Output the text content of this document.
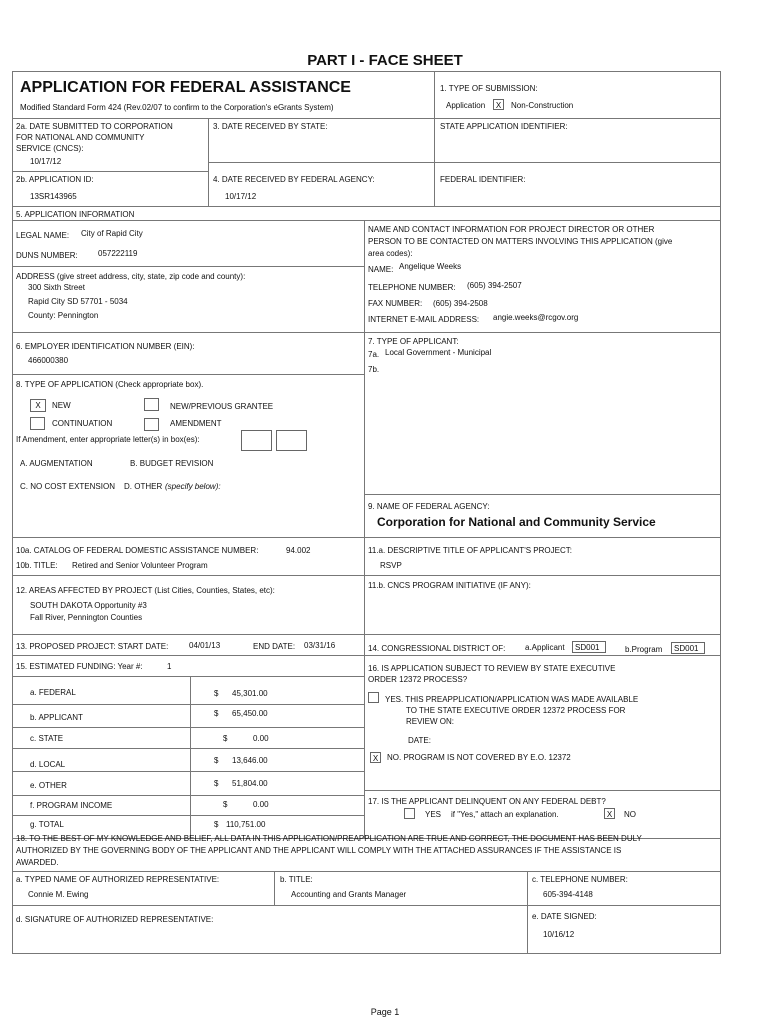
PART I - FACE SHEET
APPLICATION FOR FEDERAL ASSISTANCE
Modified Standard Form 424 (Rev.02/07 to confirm to the Corporation's eGrants System)
1. TYPE OF SUBMISSION:
Application	X	Non-Construction
2a. DATE SUBMITTED TO CORPORATION
FOR NATIONAL AND COMMUNITY
SERVICE (CNCS):
10/17/12
3. DATE RECEIVED BY STATE:	STATE APPLICATION IDENTIFIER:
2b. APPLICATION ID:
13SR143965
4. DATE RECEIVED BY FEDERAL AGENCY:
10/17/12
FEDERAL IDENTIFIER:
5. APPLICATION INFORMATION
LEGAL NAME: City of Rapid City
DUNS NUMBER:	057222119
ADDRESS (give street address, city, state, zip code and county):
300 Sixth Street
Rapid City SD 57701 - 5034
County: Pennington
NAME AND CONTACT INFORMATION FOR PROJECT DIRECTOR OR OTHER
PERSON TO BE CONTACTED ON MATTERS INVOLVING THIS APPLICATION (give
area codes):
NAME: Angelique Weeks
TELEPHONE NUMBER: (605) 394-2507
FAX NUMBER: (605) 394-2508
INTERNET E-MAIL ADDRESS: angie.weeks@rcgov.org
6. EMPLOYER IDENTIFICATION NUMBER (EIN):
466000380
7. TYPE OF APPLICANT:
7a. Local Government - Municipal
7b.
8. TYPE OF APPLICATION (Check appropriate box).
X	NEW	NEW/PREVIOUS GRANTEE
CONTINUATION	AMENDMENT
If Amendment, enter appropriate letter(s) in box(es):
A. AUGMENTATION	B. BUDGET REVISION
C. NO COST EXTENSION D. OTHER (specify below):
9. NAME OF FEDERAL AGENCY:
Corporation for National and Community Service
10a. CATALOG OF FEDERAL DOMESTIC ASSISTANCE NUMBER:	94.002
10b. TITLE: Retired and Senior Volunteer Program
11.a. DESCRIPTIVE TITLE OF APPLICANT'S PROJECT:
RSVP
11.b. CNCS PROGRAM INITIATIVE (IF ANY):
12. AREAS AFFECTED BY PROJECT (List Cities, Counties, States, etc):
SOUTH DAKOTA Opportunity #3
Fall River, Pennington Counties
13. PROPOSED PROJECT: START DATE:	04/01/13	END DATE: 03/31/16	14. CONGRESSIONAL DISTRICT OF: a.Applicant	SD001	b.Program	SD001
15. ESTIMATED FUNDING: Year #:	1
a. FEDERAL	$ 45,301.00
b. APPLICANT	$ 65,450.00
c. STATE	$	0.00
d. LOCAL	$ 13,646.00
e. OTHER	$ 51,804.00
f. PROGRAM INCOME	$	0.00
g. TOTAL	$ 110,751.00
16. IS APPLICATION SUBJECT TO REVIEW BY STATE EXECUTIVE
ORDER 12372 PROCESS?
YES. THIS PREAPPLICATION/APPLICATION WAS MADE AVAILABLE
TO THE STATE EXECUTIVE ORDER 12372 PROCESS FOR
REVIEW ON:
DATE:
X	NO. PROGRAM IS NOT COVERED BY E.O. 12372
17. IS THE APPLICANT DELINQUENT ON ANY FEDERAL DEBT?
YES if "Yes," attach an explanation.	X	NO
18. TO THE BEST OF MY KNOWLEDGE AND BELIEF, ALL DATA IN THIS APPLICATION/PREAPPLICATION ARE TRUE AND CORRECT, THE DOCUMENT HAS BEEN DULY
AUTHORIZED BY THE GOVERNING BODY OF THE APPLICANT AND THE APPLICANT WILL COMPLY WITH THE ATTACHED ASSURANCES IF THE ASSISTANCE IS
AWARDED.
a. TYPED NAME OF AUTHORIZED REPRESENTATIVE:
Connie M. Ewing
b. TITLE:
Accounting and Grants Manager
c. TELEPHONE NUMBER:
605-394-4148
d. SIGNATURE OF AUTHORIZED REPRESENTATIVE:	e. DATE SIGNED:
10/16/12
Page 1
